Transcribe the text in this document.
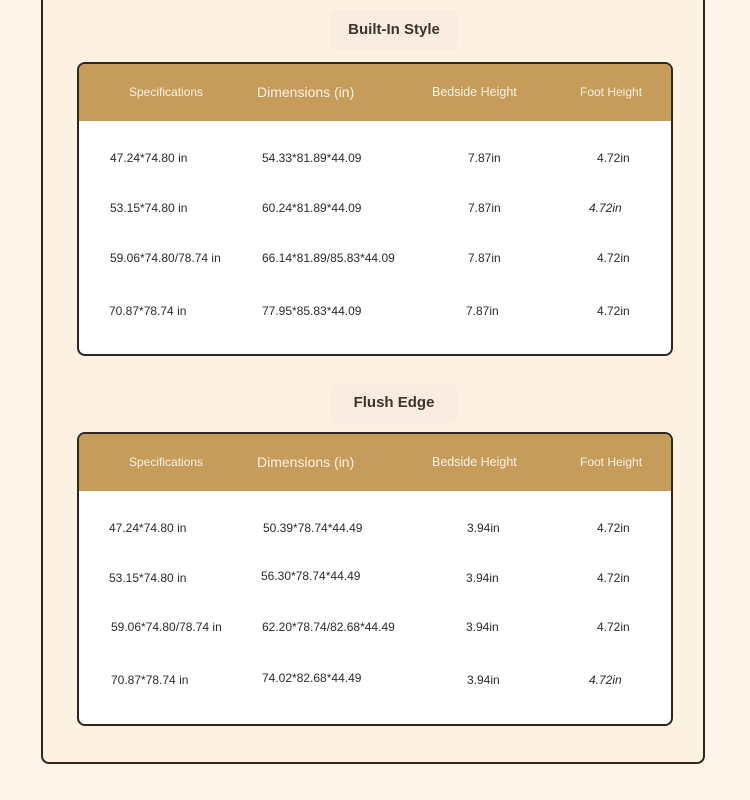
Built-In Style
Specifications	Dimensions (in)	Bedside Height	Foot Height
47.24*74.80 in	54.33*81.89*44.09	7.87in	4.72in
53.15*74.80 in	60.24*81.89*44.09	7.87in	4.72in
59.06*74.80/78.74 in	66.14*81.89/85.83*44.09	7.87in	4.72in
70.87*78.74 in	77.95*85.83*44.09	7.87in	4.72in
Flush Edge
Specifications	Dimensions (in)	Bedside Height	Foot Height
47.24*74.80 in	50.39*78.74*44.49	3.94in	4.72in
53.15*74.80 in	56.30*78.74*44.49	3.94in	4.72in
59.06*74.80/78.74 in	62.20*78.74/82.68*44.49	3.94in	4.72in
70.87*78.74 in	74.02*82.68*44.49	3.94in	4.72in
